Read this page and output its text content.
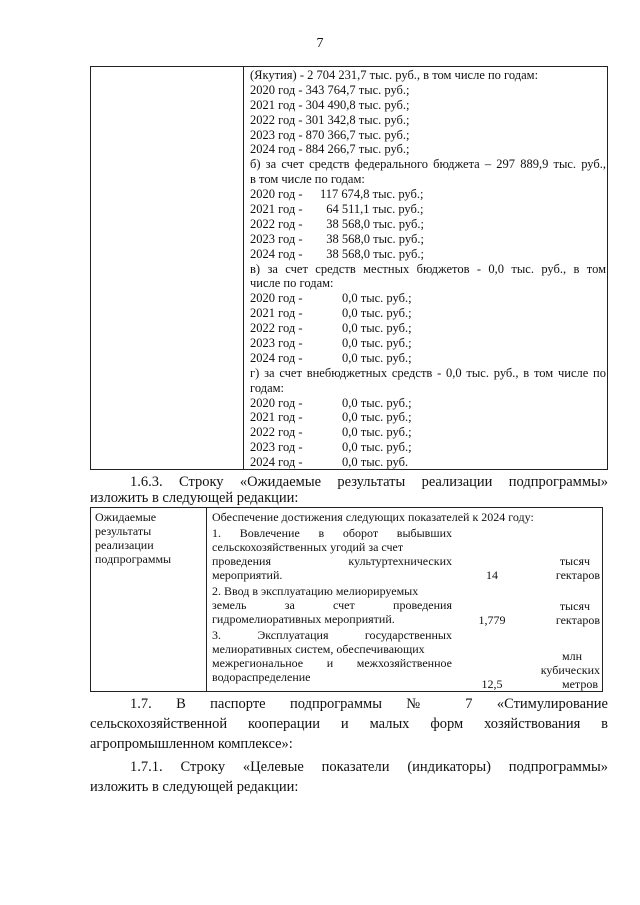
7
(Якутия) - 2 704 231,7 тыс. руб., в том числе по годам:
2020 год - 343 764,7 тыс. руб.;
2021 год - 304 490,8 тыс. руб.;
2022 год - 301 342,8 тыс. руб.;
2023 год - 870 366,7 тыс. руб.;
2024 год - 884 266,7 тыс. руб.;
б) за счет средств федерального бюджета – 297 889,9 тыс. руб.,
в том числе по годам:
2020 год - 117 674,8 тыс. руб.;
2021 год -  64 511,1 тыс. руб.;
2022 год -  38 568,0 тыс. руб.;
2023 год -  38 568,0 тыс. руб.;
2024 год -  38 568,0 тыс. руб.;
в) за счет средств местных бюджетов - 0,0 тыс. руб., в том
числе по годам:
2020 год -	0,0 тыс. руб.;
2021 год -	0,0 тыс. руб.;
2022 год -	0,0 тыс. руб.;
2023 год -	0,0 тыс. руб.;
2024 год -	0,0 тыс. руб.;
г) за счет внебюджетных средств - 0,0 тыс. руб., в том числе по
годам:
2020 год -	0,0 тыс. руб.;
2021 год -	0,0 тыс. руб.;
2022 год -	0,0 тыс. руб.;
2023 год -	0,0 тыс. руб.;
2024 год -	0,0 тыс. руб.
1.6.3. Строку «Ожидаемые результаты реализации подпрограммы»
изложить в следующей редакции:
Ожидаемые
результаты
реализации
подпрограммы
Обеспечение достижения следующих показателей к 2024 году:
1. Вовлечение в оборот выбывших
сельскохозяйственных угодий за счет
проведения культуртехнических
мероприятий.	14
тысяч
гектаров
2. Ввод в эксплуатацию мелиорируемых
земель за счет проведения
гидромелиоративных мероприятий.	1,779
тысяч
гектаров
3. Эксплуатация государственных
мелиоративных систем, обеспечивающих
межрегиональное и межхозяйственное
водораспределение	12,5
млн
кубических
метров
1.7. В паспорте подпрограммы № 7 «Стимулирование
сельскохозяйственной кооперации и малых форм хозяйствования в
агропромышленном комплексе»:
1.7.1. Строку «Целевые показатели (индикаторы) подпрограммы»
изложить в следующей редакции:
